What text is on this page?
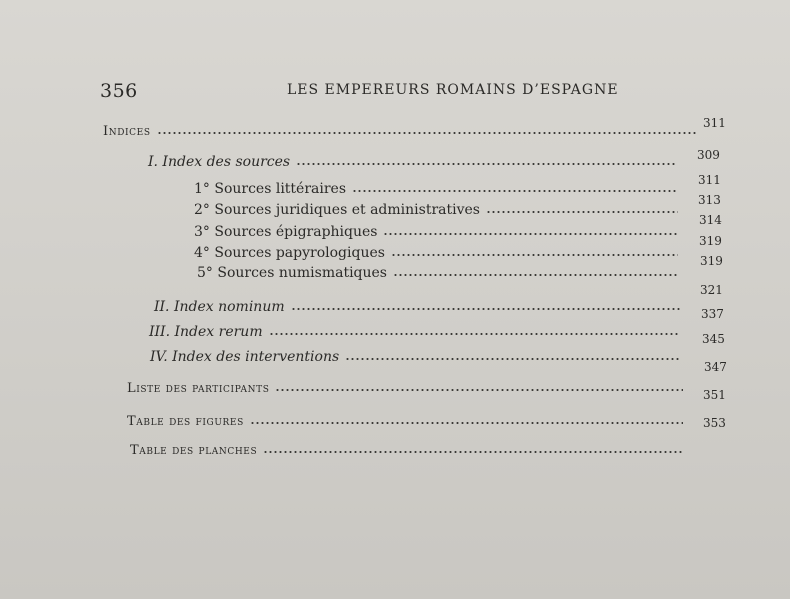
356	LES EMPEREURS ROMAINS D’ESPAGNE
Indices
311
I. Index des sources	309
1° Sources littéraires
311
2° Sources juridiques et administratives
313
3° Sources épigraphiques
314
4° Sources papyrologiques
319
5° Sources numismatiques
319
II. Index nominum
321
III. Index rerum
337
IV. Index des interventions
345
Liste des participants
347
Table des figures
351
Table des planches
353
